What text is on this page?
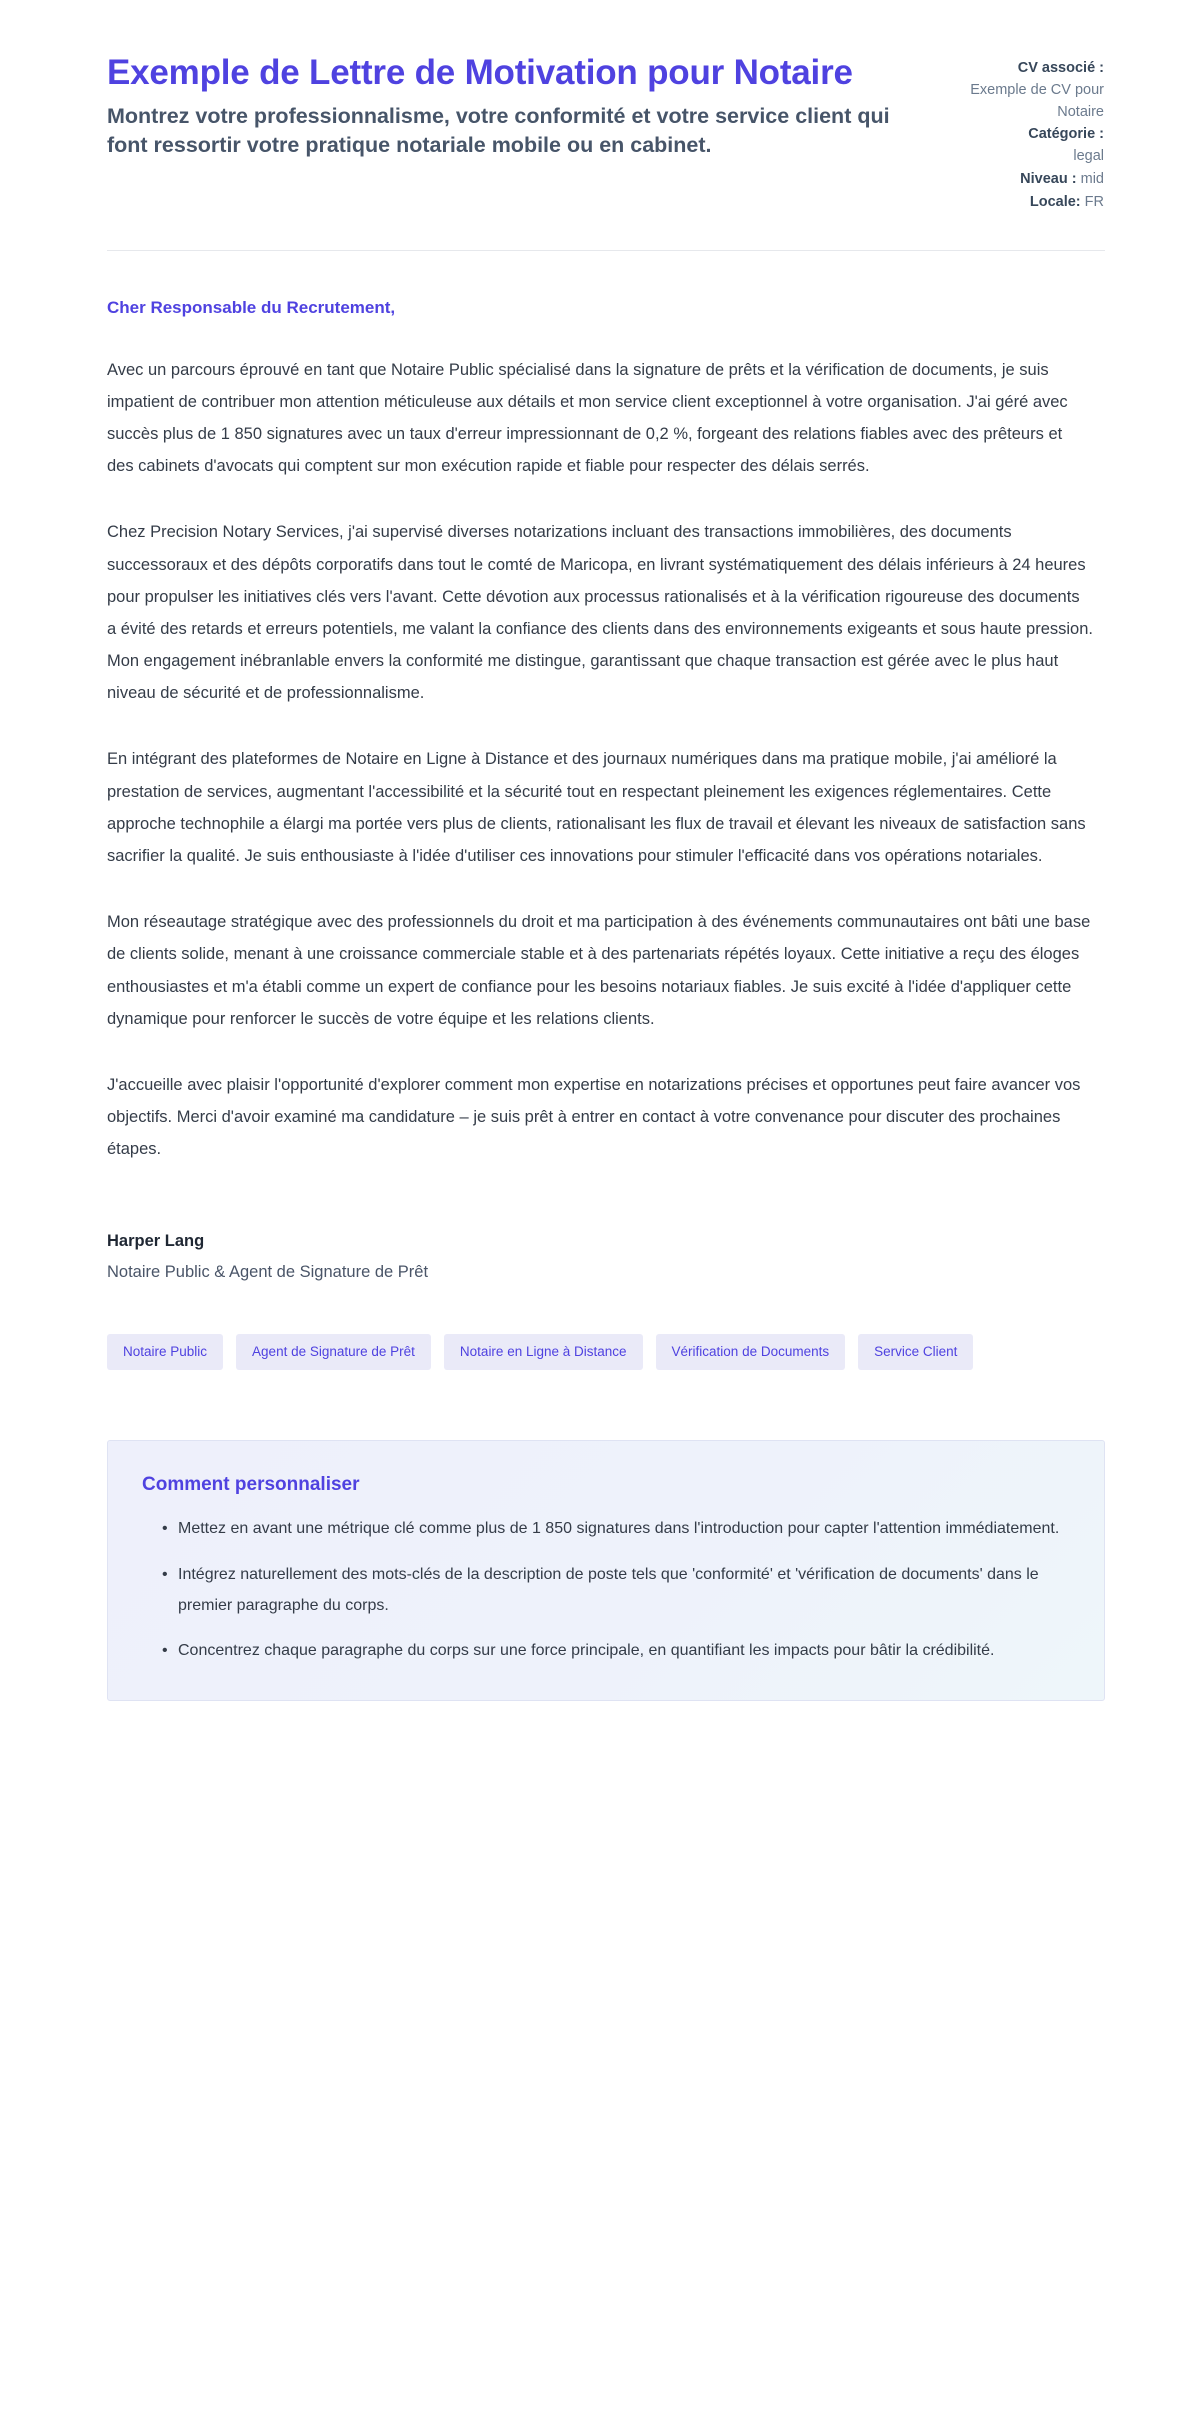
Exemple de Lettre de Motivation pour Notaire

Montrez votre professionnalisme, votre conformité et votre service client qui font ressortir votre pratique notariale mobile ou en cabinet.

CV associé :
Exemple de CV pour Notaire
Catégorie :
legal
Niveau : mid
Locale: FR

Cher Responsable du Recrutement,

Avec un parcours éprouvé en tant que Notaire Public spécialisé dans la signature de prêts et la vérification de documents, je suis impatient de contribuer mon attention méticuleuse aux détails et mon service client exceptionnel à votre organisation. J'ai géré avec succès plus de 1 850 signatures avec un taux d'erreur impressionnant de 0,2 %, forgeant des relations fiables avec des prêteurs et des cabinets d'avocats qui comptent sur mon exécution rapide et fiable pour respecter des délais serrés.

Chez Precision Notary Services, j'ai supervisé diverses notarizations incluant des transactions immobilières, des documents successoraux et des dépôts corporatifs dans tout le comté de Maricopa, en livrant systématiquement des délais inférieurs à 24 heures pour propulser les initiatives clés vers l'avant. Cette dévotion aux processus rationalisés et à la vérification rigoureuse des documents a évité des retards et erreurs potentiels, me valant la confiance des clients dans des environnements exigeants et sous haute pression. Mon engagement inébranlable envers la conformité me distingue, garantissant que chaque transaction est gérée avec le plus haut niveau de sécurité et de professionnalisme.

En intégrant des plateformes de Notaire en Ligne à Distance et des journaux numériques dans ma pratique mobile, j'ai amélioré la prestation de services, augmentant l'accessibilité et la sécurité tout en respectant pleinement les exigences réglementaires. Cette approche technophile a élargi ma portée vers plus de clients, rationalisant les flux de travail et élevant les niveaux de satisfaction sans sacrifier la qualité. Je suis enthousiaste à l'idée d'utiliser ces innovations pour stimuler l'efficacité dans vos opérations notariales.

Mon réseautage stratégique avec des professionnels du droit et ma participation à des événements communautaires ont bâti une base de clients solide, menant à une croissance commerciale stable et à des partenariats répétés loyaux. Cette initiative a reçu des éloges enthousiastes et m'a établi comme un expert de confiance pour les besoins notariaux fiables. Je suis excité à l'idée d'appliquer cette dynamique pour renforcer le succès de votre équipe et les relations clients.

J'accueille avec plaisir l'opportunité d'explorer comment mon expertise en notarizations précises et opportunes peut faire avancer vos objectifs. Merci d'avoir examiné ma candidature – je suis prêt à entrer en contact à votre convenance pour discuter des prochaines étapes.

Harper Lang
Notaire Public & Agent de Signature de Prêt
Notaire Public	Agent de Signature de Prêt	Notaire en Ligne à Distance	Vérification de Documents	Service Client
Comment personnaliser
• Mettez en avant une métrique clé comme plus de 1 850 signatures dans l'introduction pour capter l'attention immédiatement.
• Intégrez naturellement des mots-clés de la description de poste tels que 'conformité' et 'vérification de documents' dans le premier paragraphe du corps.
• Concentrez chaque paragraphe du corps sur une force principale, en quantifiant les impacts pour bâtir la crédibilité.
